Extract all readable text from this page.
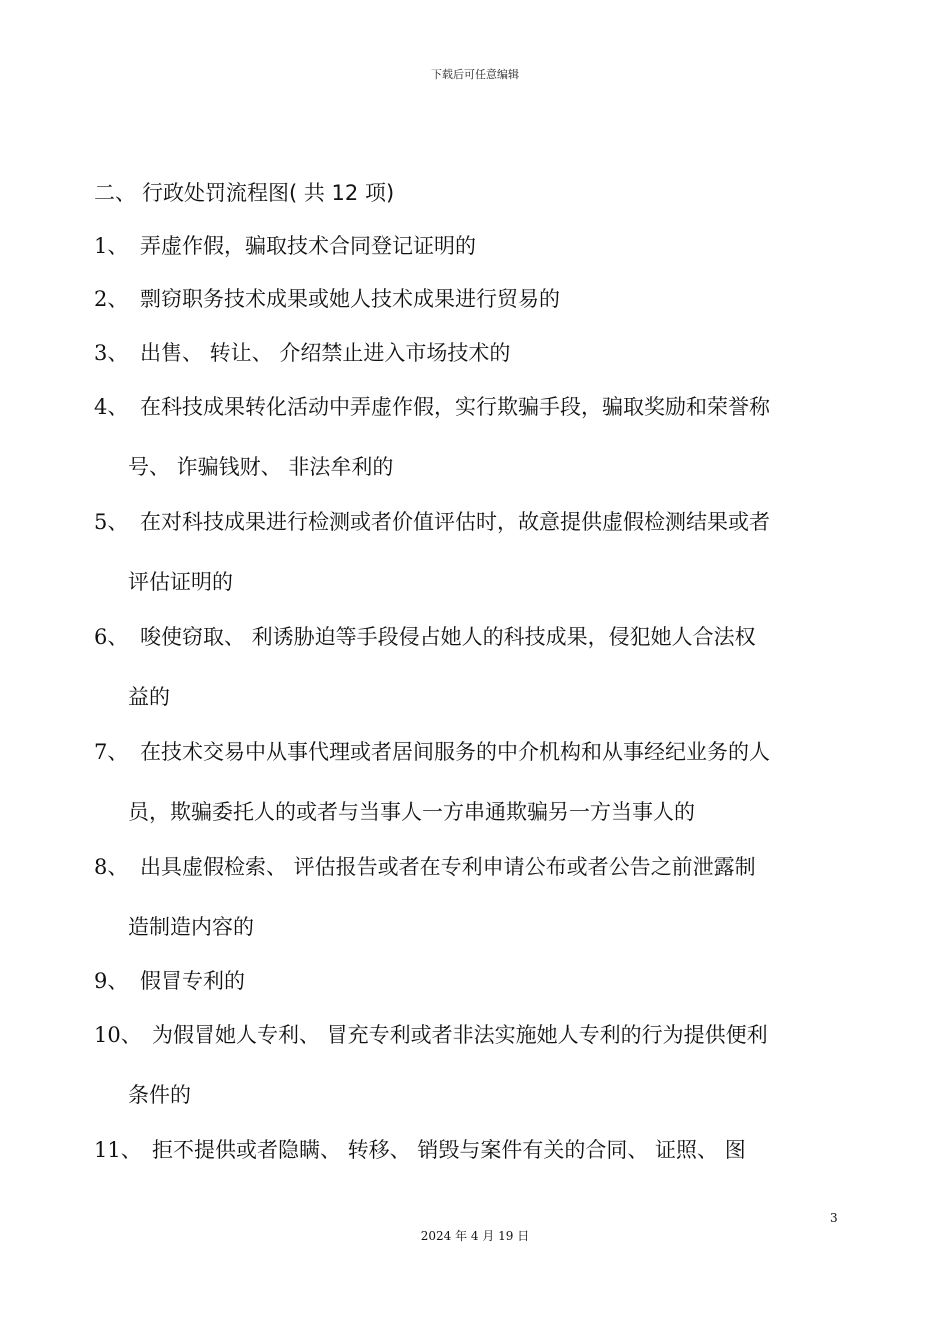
下载后可任意编辑
二、 行政处罚流程图( 共 12 项)
1、 弄虚作假，骗取技术合同登记证明的
2、 剽窃职务技术成果或她人技术成果进行贸易的
3、 出售、 转让、 介绍禁止进入市场技术的
4、 在科技成果转化活动中弄虚作假，实行欺骗手段，骗取奖励和荣誉称
号、 诈骗钱财、 非法牟利的
5、 在对科技成果进行检测或者价值评估时，故意提供虚假检测结果或者
评估证明的
6、 唆使窃取、 利诱胁迫等手段侵占她人的科技成果，侵犯她人合法权
益的
7、 在技术交易中从事代理或者居间服务的中介机构和从事经纪业务的人
员，欺骗委托人的或者与当事人一方串通欺骗另一方当事人的
8、 出具虚假检索、 评估报告或者在专利申请公布或者公告之前泄露制
造制造内容的
9、 假冒专利的
10、 为假冒她人专利、 冒充专利或者非法实施她人专利的行为提供便利
条件的
11、 拒不提供或者隐瞒、 转移、 销毁与案件有关的合同、 证照、 图
3
2024 年 4 月 19 日
